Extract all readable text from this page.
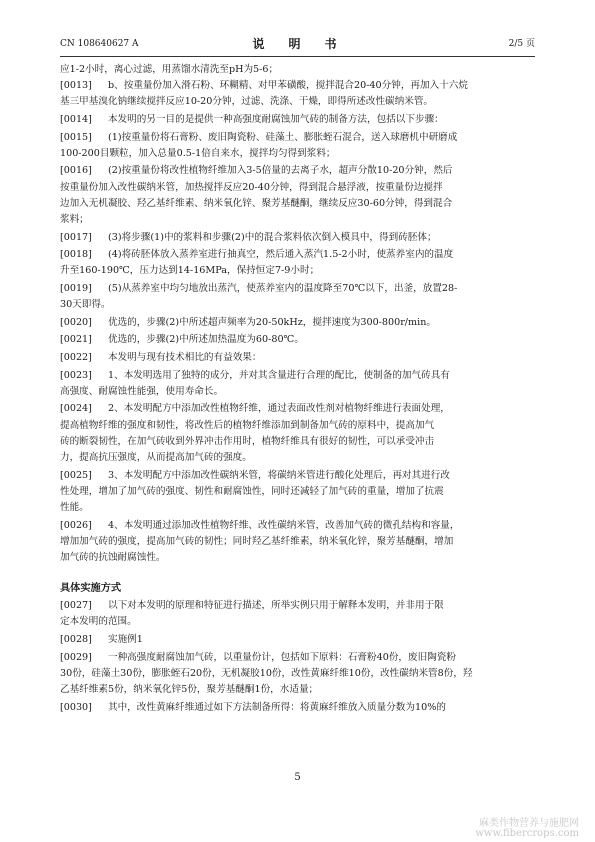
CN 108640627 A	说　明　书	2/5 页
应1-2小时，离心过滤，用蒸馏水清洗至pH为5-6；
[0013] b、按重量份加入滑石粉、环糊精、对甲苯磺酸，搅拌混合20-40分钟，再加入十六烷
基三甲基溴化钠继续搅拌反应10-20分钟，过滤、洗涤、干燥，即得所述改性碳纳米管。
[0014] 本发明的另一目的是提供一种高强度耐腐蚀加气砖的制备方法，包括以下步骤：
[0015] (1)按重量份将石膏粉、废旧陶瓷粉、硅藻土、膨胀蛭石混合，送入球磨机中研磨成
100-200目颗粒，加入总量0.5-1倍自来水，搅拌均匀得到浆料；
[0016] (2)按重量份将改性植物纤维加入3-5倍量的去离子水，超声分散10-20分钟，然后
按重量份加入改性碳纳米管，加热搅拌反应20-40分钟，得到混合悬浮液，按重量份边搅拌
边加入无机凝胶、羟乙基纤维素、纳米氧化锌、聚芳基醚酮，继续反应30-60分钟，得到混合
浆料；
[0017] (3)将步骤(1)中的浆料和步骤(2)中的混合浆料依次倒入模具中，得到砖胚体；
[0018] (4)将砖胚体放入蒸养室进行抽真空，然后通入蒸汽1.5-2小时，使蒸养室内的温度
升至160-190℃，压力达到14-16MPa，保持恒定7-9小时；
[0019] (5)从蒸养室中均匀地放出蒸汽，使蒸养室内的温度降至70℃以下，出釜，放置28-
30天即得。
[0020] 优选的，步骤(2)中所述超声频率为20-50kHz，搅拌速度为300-800r/min。
[0021] 优选的，步骤(2)中所述加热温度为60-80℃。
[0022] 本发明与现有技术相比的有益效果：
[0023] 1、本发明选用了独特的成分，并对其含量进行合理的配比，使制备的加气砖具有
高强度、耐腐蚀性能强，使用寿命长。
[0024] 2、本发明配方中添加改性植物纤维，通过表面改性剂对植物纤维进行表面处理，
提高植物纤维的强度和韧性，将改性后的植物纤维添加到制备加气砖的原料中，提高加气
砖的断裂韧性，在加气砖收到外界冲击作用时，植物纤维具有很好的韧性，可以承受冲击
力，提高抗压强度，从而提高加气砖的强度。
[0025] 3、本发明配方中添加改性碳纳米管，将碳纳米管进行酸化处理后，再对其进行改
性处理，增加了加气砖的强度、韧性和耐腐蚀性，同时还减轻了加气砖的重量，增加了抗震
性能。
[0026] 4、本发明通过添加改性植物纤维、改性碳纳米管，改善加气砖的微孔结构和容量，
增加加气砖的强度，提高加气砖的韧性；同时羟乙基纤维素，纳米氧化锌，聚芳基醚酮，增加
加气砖的抗蚀耐腐蚀性。
具体实施方式
[0027] 以下对本发明的原理和特征进行描述，所举实例只用于解释本发明，并非用于限
定本发明的范围。
[0028] 实施例1
[0029] 一种高强度耐腐蚀加气砖，以重量份计，包括如下原料：石膏粉40份，废旧陶瓷粉
30份，硅藻土30份，膨胀蛭石20份，无机凝胶10份，改性黄麻纤维10份，改性碳纳米管8份，羟
乙基纤维素5份，纳米氧化锌5份，聚芳基醚酮1份，水适量；
[0030] 其中，改性黄麻纤维通过如下方法制备所得：将黄麻纤维放入质量分数为10%的
5
麻类作物营养与施肥网
www.fibercrops.com
